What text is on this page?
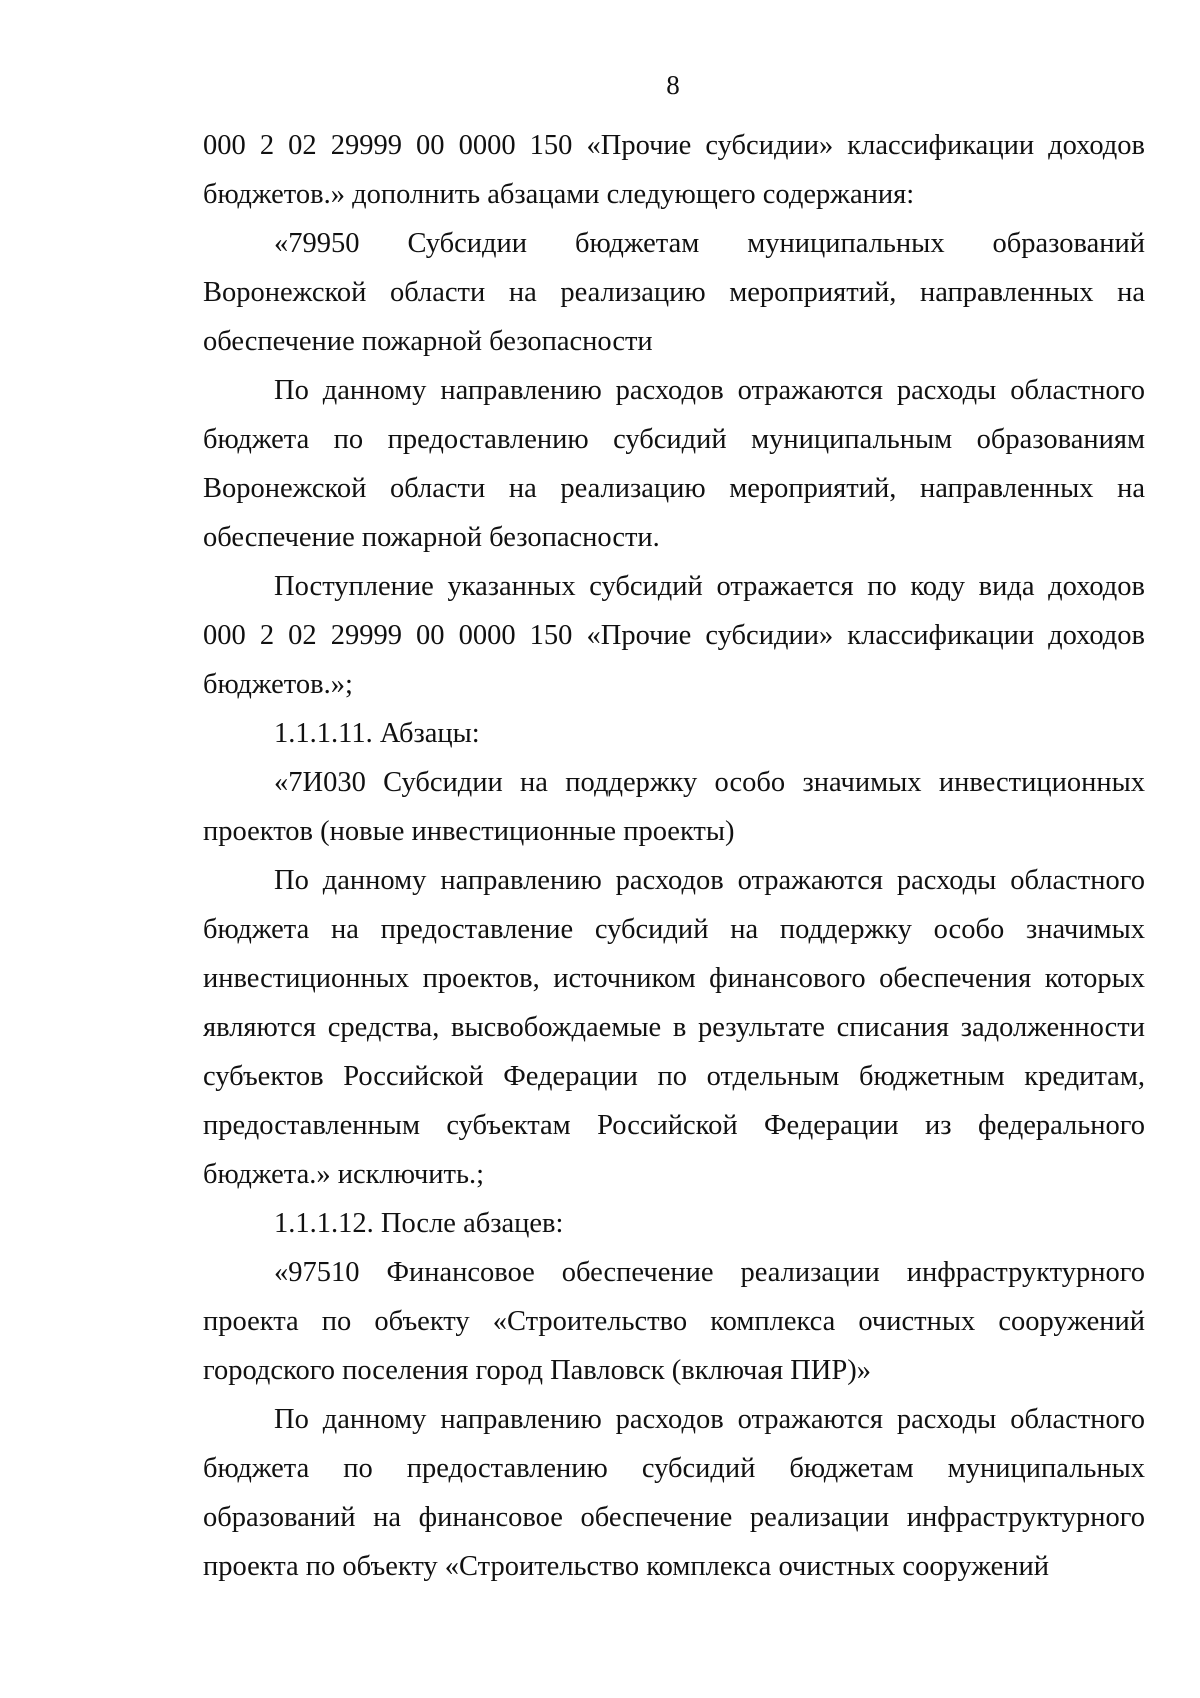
8

000 2 02 29999 00 0000 150 «Прочие субсидии» классификации доходов бюджетов.» дополнить абзацами следующего содержания:

«79950 Субсидии бюджетам муниципальных образований Воронежской области на реализацию мероприятий, направленных на обеспечение пожарной безопасности

По данному направлению расходов отражаются расходы областного бюджета по предоставлению субсидий муниципальным образованиям Воронежской области на реализацию мероприятий, направленных на обеспечение пожарной безопасности.

Поступление указанных субсидий отражается по коду вида доходов 000 2 02 29999 00 0000 150 «Прочие субсидии» классификации доходов бюджетов.»;

1.1.1.11. Абзацы:

«7И030 Субсидии на поддержку особо значимых инвестиционных проектов (новые инвестиционные проекты)

По данному направлению расходов отражаются расходы областного бюджета на предоставление субсидий на поддержку особо значимых инвестиционных проектов, источником финансового обеспечения которых являются средства, высвобождаемые в результате списания задолженности субъектов Российской Федерации по отдельным бюджетным кредитам, предоставленным субъектам Российской Федерации из федерального бюджета.» исключить.;

1.1.1.12. После абзацев:

«97510 Финансовое обеспечение реализации инфраструктурного проекта по объекту «Строительство комплекса очистных сооружений городского поселения город Павловск (включая ПИР)»

По данному направлению расходов отражаются расходы областного бюджета по предоставлению субсидий бюджетам муниципальных образований на финансовое обеспечение реализации инфраструктурного проекта по объекту «Строительство комплекса очистных сооружений
